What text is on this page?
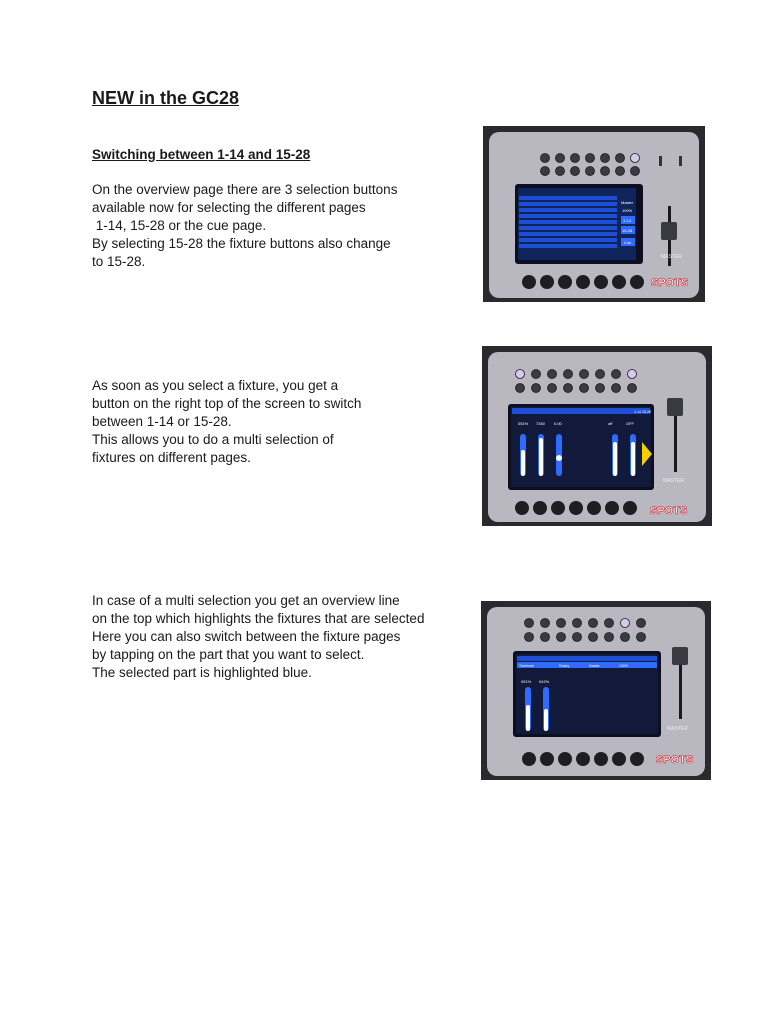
NEW in the GC28
Switching between 1-14 and 15-28
On the overview page there are 3 selection buttons
available now for selecting the different pages
1-14, 15-28 or the cue page.
By selecting 15-28 the fixture buttons also change
to 15-28.
As soon as you select a fixture, you get a
button on the right top of the screen to switch
between 1-14 or 15-28.
This allows you to do a multi selection of
fixtures on different pages.
In case of a multi selection you get an overview line
on the top which highlights the fixtures that are selected
Here you can also switch between the fixture pages
by tapping on the part that you want to select.
The selected part is highlighted blue.
1-14
15-28
Cue
Master
100%
MASTER
SPOTS
1-14 15-28
051% 7260 0.00	off	OFF
MASTER
SPOTS
Treehone	Rotary	Master	100%
051% 042%
MASTER
SPOTS
